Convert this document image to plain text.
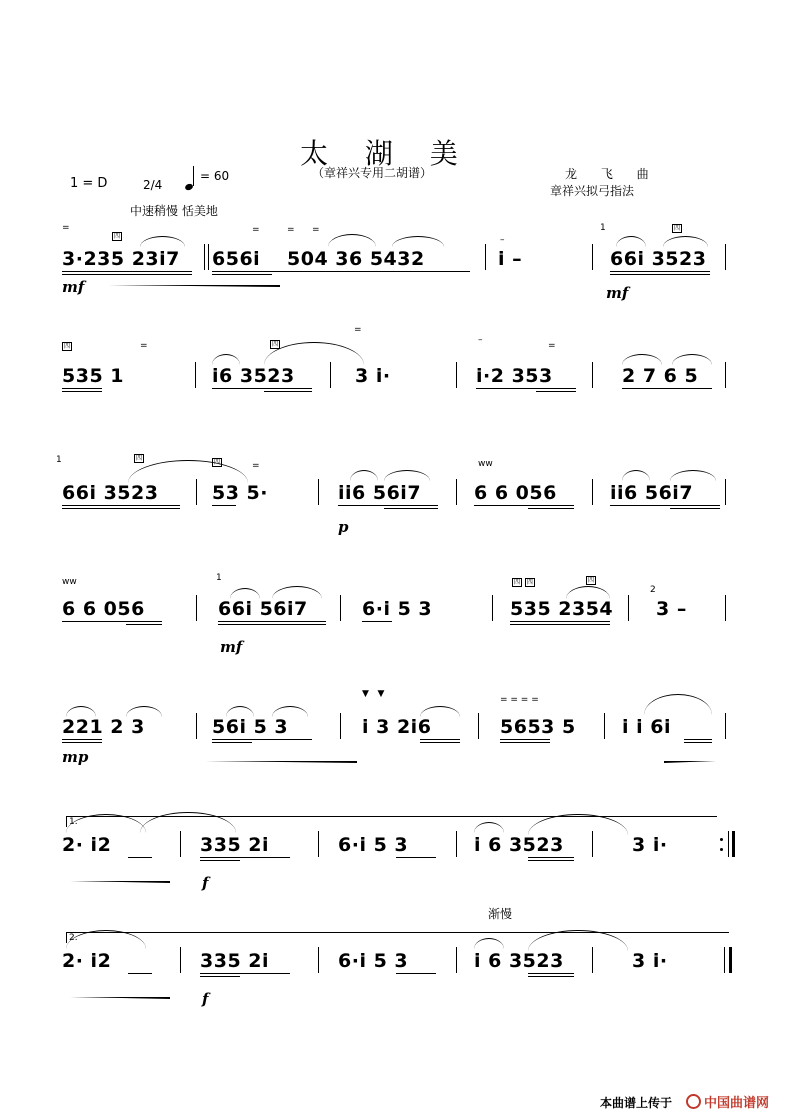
太 湖 美
（章祥兴专用二胡谱）
1 = D	2/4
= 60	龙 飞 曲
章祥兴拟弓指法
中速稍慢 恬美地
3·235 23i7 656i 504 36 5432	i –	66i 3523
=
四
=	= =
–
1	四
mf	mf
535 1	i6 3523	3 i·	i·2 353	2 7 6 5
四	=	四
=
–
=
66i 3523	53 5·	ii6 56i7	6 6 056	ii6 56i7
1	四
四	=	ww
p
6 6 056	66i 56i7	6·i 5 3	535 2354 3 –
ww	1	四 四	四
2
mf
221 2 3	56i 5 3	i 3 2i6	5653 5 i i 6i
▼   ▼
= = = =
mp
1.
2· i2	335 2i	6·i 5 3	i 6 3523	3 i·
f
渐慢
2.
2· i2	335 2i	6·i 5 3	i 6 3523	3 i·
f
本曲谱上传于	中国曲谱网
